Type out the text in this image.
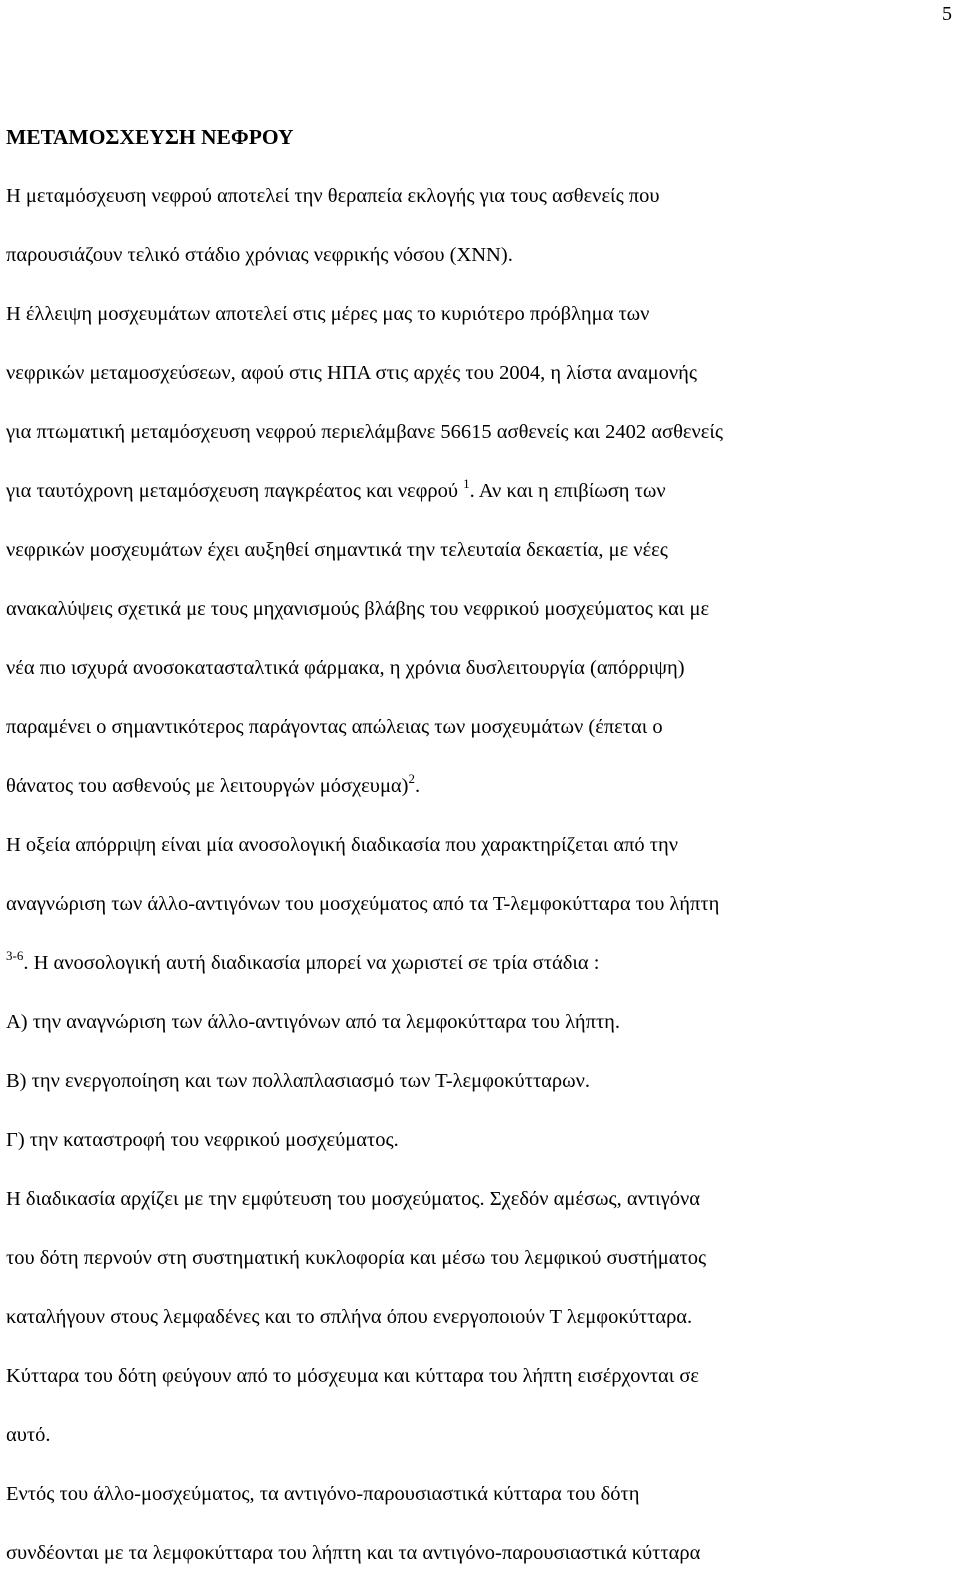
5
ΜΕΤΑΜΟΣΧΕΥΣΗ ΝΕΦΡΟΥ
Η μεταμόσχευση νεφρού αποτελεί την θεραπεία εκλογής για τους ασθενείς που
παρουσιάζουν τελικό στάδιο χρόνιας νεφρικής νόσου (ΧΝΝ).
Η έλλειψη μοσχευμάτων αποτελεί στις μέρες μας το κυριότερο πρόβλημα των
νεφρικών μεταμοσχεύσεων, αφού στις ΗΠΑ στις αρχές του 2004, η λίστα αναμονής
για πτωματική μεταμόσχευση νεφρού περιελάμβανε 56615 ασθενείς και 2402 ασθενείς
για ταυτόχρονη μεταμόσχευση παγκρέατος και νεφρού $^1$. Αν και η επιβίωση των
νεφρικών μοσχευμάτων έχει αυξηθεί σημαντικά την τελευταία δεκαετία, με νέες
ανακαλύψεις σχετικά με τους μηχανισμούς βλάβης του νεφρικού μοσχεύματος και με
νέα πιο ισχυρά ανοσοκατασταλτικά φάρμακα, η χρόνια δυσλειτουργία (απόρριψη)
παραμένει ο σημαντικότερος παράγοντας απώλειας των μοσχευμάτων (έπεται ο
θάνατος του ασθενούς με λειτουργών μόσχευμα)$^2$.
Η οξεία απόρριψη είναι μία ανοσολογική διαδικασία που χαρακτηρίζεται από την
αναγνώριση των άλλο-αντιγόνων του μοσχεύματος από τα Τ-λεμφοκύτταρα του λήπτη
$^{3-6}$. Η ανοσολογική αυτή διαδικασία μπορεί να χωριστεί σε τρία στάδια :
Α) την αναγνώριση των άλλο-αντιγόνων από τα λεμφοκύτταρα του λήπτη.
Β) την ενεργοποίηση και των πολλαπλασιασμό των Τ-λεμφοκύτταρων.
Γ) την καταστροφή του νεφρικού μοσχεύματος.
Η διαδικασία αρχίζει με την εμφύτευση του μοσχεύματος. Σχεδόν αμέσως, αντιγόνα
του δότη περνούν στη συστηματική κυκλοφορία και μέσω του λεμφικού συστήματος
καταλήγουν στους λεμφαδένες και το σπλήνα όπου ενεργοποιούν Τ λεμφοκύτταρα.
Κύτταρα του δότη φεύγουν από το μόσχευμα και κύτταρα του λήπτη εισέρχονται σε
αυτό.
Εντός του άλλο-μοσχεύματος, τα αντιγόνο-παρουσιαστικά κύτταρα του δότη
συνδέονται με τα λεμφοκύτταρα του λήπτη και τα αντιγόνο-παρουσιαστικά κύτταρα
